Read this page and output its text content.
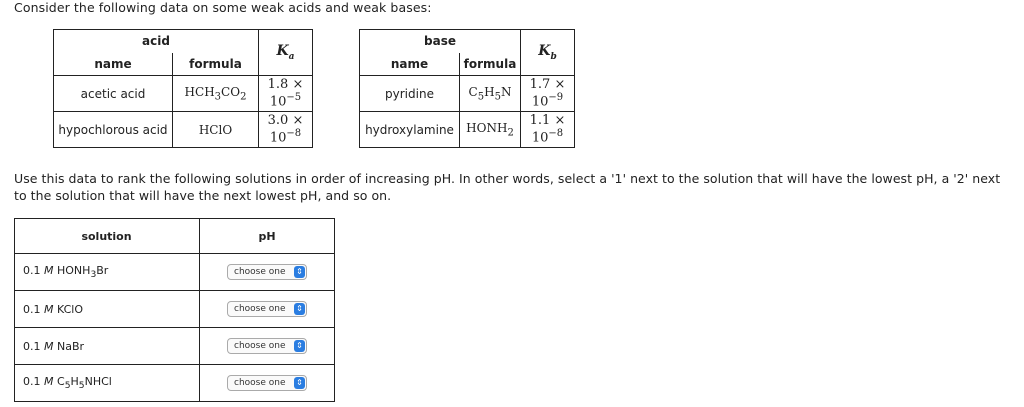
Consider the following data on some weak acids and weak bases:
acid		$K_a$
name	formula	
acetic acid	$HCH_3CO_2$	$1.8 \times 10^{-5}$
hypochlorous acid	HClO	$3.0 \times 10^{-8}$
base		$K_b$
name	formula	
pyridine	$C_5H_5N$	$1.7 \times 10^{-9}$
hydroxylamine	$HONH_2$	$1.1 \times 10^{-8}$
Use this data to rank the following solutions in order of increasing pH. In other words, select a '1' next to the solution that will have the lowest pH, a '2' next to the solution that will have the next lowest pH, and so on.
solution	pH
0.1 M $HONH_3Br$	choose one ⇕

0.1 M KClO	choose one ⇕

0.1 M NaBr	choose one ⇕

0.1 M $C_5H_5NHCl$	choose one ⇕
